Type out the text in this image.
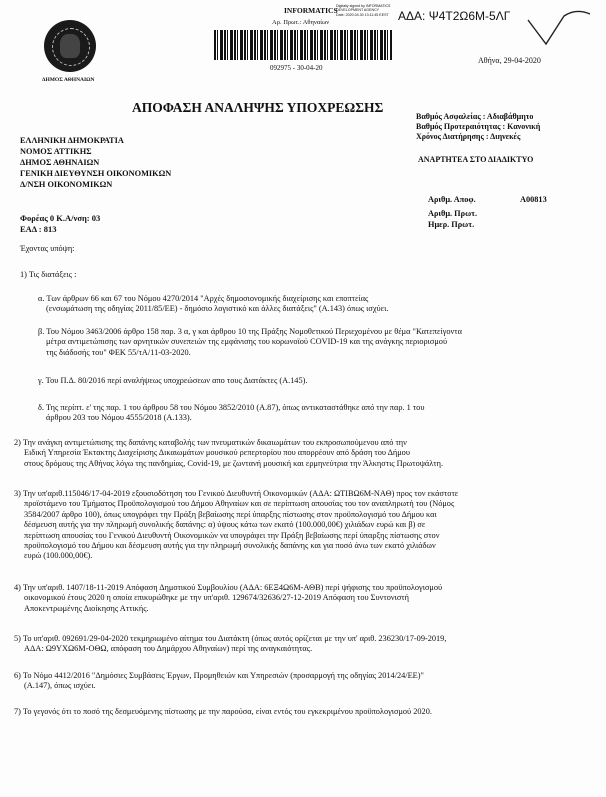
ΔΗΜΟΣ ΑΘΗΝΑΙΩΝ
INFORMATICS
Digitally signed by INFORMATICS DEVELOPMENT AGENCY
Date: 2020.04.30 13:11:45 EEST
Αρ. Πρωτ.: Αθηναίων
092975 - 30-04-20
ΑΔΑ: Ψ4Τ2Ω6Μ-5ΛΓ
Αθήνα, 29-04-2020
ΑΠΟΦΑΣΗ ΑΝΑΛΗΨΗΣ ΥΠΟΧΡΕΩΣΗΣ
ΕΛΛΗΝΙΚΗ ΔΗΜΟΚΡΑΤΙΑ
ΝΟΜΟΣ ΑΤΤΙΚΗΣ
ΔΗΜΟΣ ΑΘΗΝΑΙΩΝ
ΓΕΝΙΚΗ ΔΙΕΥΘΥΝΣΗ ΟΙΚΟΝΟΜΙΚΩΝ
Δ/ΝΣΗ ΟΙΚΟΝΟΜΙΚΩΝ
Βαθμός Ασφαλείας : Αδιαβάθμητο
Βαθμός Προτεραιότητας : Κανονική
Χρόνος Διατήρησης : Διηνεκές
ΑΝΑΡΤΗΤΕΑ ΣΤΟ ΔΙΑΔΙΚΤΥΟ
Αριθμ. Αποφ.	Α00813
Αριθμ. Πρωτ.
Ημερ. Πρωτ.
Φορέας 0 Κ.Α/νση: 03
ΕΑΔ : 813
Έχοντας υπόψη:
1) Τις διατάξεις :
α. Των άρθρων 66 και 67 του Νόμου 4270/2014 "Αρχές δημοσιονομικής διαχείρισης και εποπτείας
(ενσωμάτωση της οδηγίας 2011/85/ΕΕ) - δημόσιο λογιστικό και άλλες διατάξεις" (Α.143) όπως ισχύει.
β. Του Νόμου 3463/2006 άρθρο 158 παρ. 3 α, γ και άρθρου 10 της Πράξης Νομοθετικού Περιεχομένου με θέμα "Κατεπείγοντα
μέτρα αντιμετώπισης των αρνητικών συνεπειών της εμφάνισης του κορωνοϊού COVID-19 και της ανάγκης περιορισμού
της διάδοσής του" ΦΕΚ 55/τΑ/11-03-2020.
γ. Του Π.Δ. 80/2016 περί αναλήψεως υποχρεώσεων απο τους Διατάκτες (Α.145).
δ. Της περίπτ. ε' της παρ. 1 του άρθρου 58 του Νόμου 3852/2010 (Α.87), όπως αντικαταστάθηκε από την παρ. 1 του
άρθρου 203 του Νόμου 4555/2018 (Α.133).
2) Την ανάγκη αντιμετώπισης της δαπάνης καταβολής των πνευματικών δικαιωμάτων του εκπροσωπούμενου από την
Ειδική Υπηρεσία Έκτακτης Διαχείρισης Δικαιωμάτων μουσικού ρεπερτορίου που απορρέουν από δράση του Δήμου
στους δρόμους της Αθήνας λόγω της πανδημίας, Covid-19, με ζωντανή μουσική και ερμηνεύτρια την Άλκηστις Πρωτοψάλτη.
3) Την υπ'αριθ.115046/17-04-2019 εξουσιοδότηση του Γενικού Διευθυντή Οικονομικών (ΑΔΑ: ΩΤΙΒΩ6Μ-ΝΑΘ) προς τον εκάστοτε
προϊστάμενο του Τμήματος Προϋπολογισμού του Δήμου Αθηναίων και σε περίπτωση απουσίας του τον αναπληρωτή του (Νόμος
3584/2007 άρθρο 100), όπως υπογράφει την Πράξη βεβαίωσης περί ύπαρξης πίστωσης στον προϋπολογισμό του Δήμου και
δέσμευση αυτής για την πληρωμή συνολικής δαπάνης: α) ύψους κάτω των εκατό (100.000,00€) χιλιάδων ευρώ και β) σε
περίπτωση απουσίας του Γενικού Διευθυντή Οικονομικών να υπογράφει την Πράξη βεβαίωσης περί ύπαρξης πίστωσης στον
προϋπολογισμό του Δήμου και δέσμευση αυτής για την πληρωμή συνολικής δαπάνης και για ποσό άνω των εκατό χιλιάδων
ευρώ (100.000,00€).
4) Την υπ'αριθ. 1407/18-11-2019 Απόφαση Δημοτικού Συμβουλίου (ΑΔΑ: 6ΕΞ4Ω6Μ-ΑΘΒ) περί ψήφισης του προϋπολογισμού
οικονομικού έτους 2020 η οποία επικυρώθηκε με την υπ'αριθ. 129674/32636/27-12-2019 Απόφαση του Συντονιστή
Αποκεντρωμένης Διοίκησης Αττικής.
5) Το υπ'αριθ. 092691/29-04-2020 τεκμηριωμένο αίτημα του Διατάκτη (όπως αυτός ορίζεται με την υπ' αριθ. 236230/17-09-2019,
ΑΔΑ: Ω9ΥΧΩ6Μ-ΟΘΩ, απόφαση του Δημάρχου Αθηναίων) περί της αναγκαιότητας.
6) Το Νόμο 4412/2016 "Δημόσιες Συμβάσεις Έργων, Προμηθειών και Υπηρεσιών (προσαρμογή της οδηγίας 2014/24/ΕΕ)"
(Α.147), όπως ισχύει.
7) Το γεγονός ότι το ποσό της δεσμευόμενης πίστωσης με την παρούσα, είναι εντός του εγκεκριμένου προϋπολογισμού 2020.
